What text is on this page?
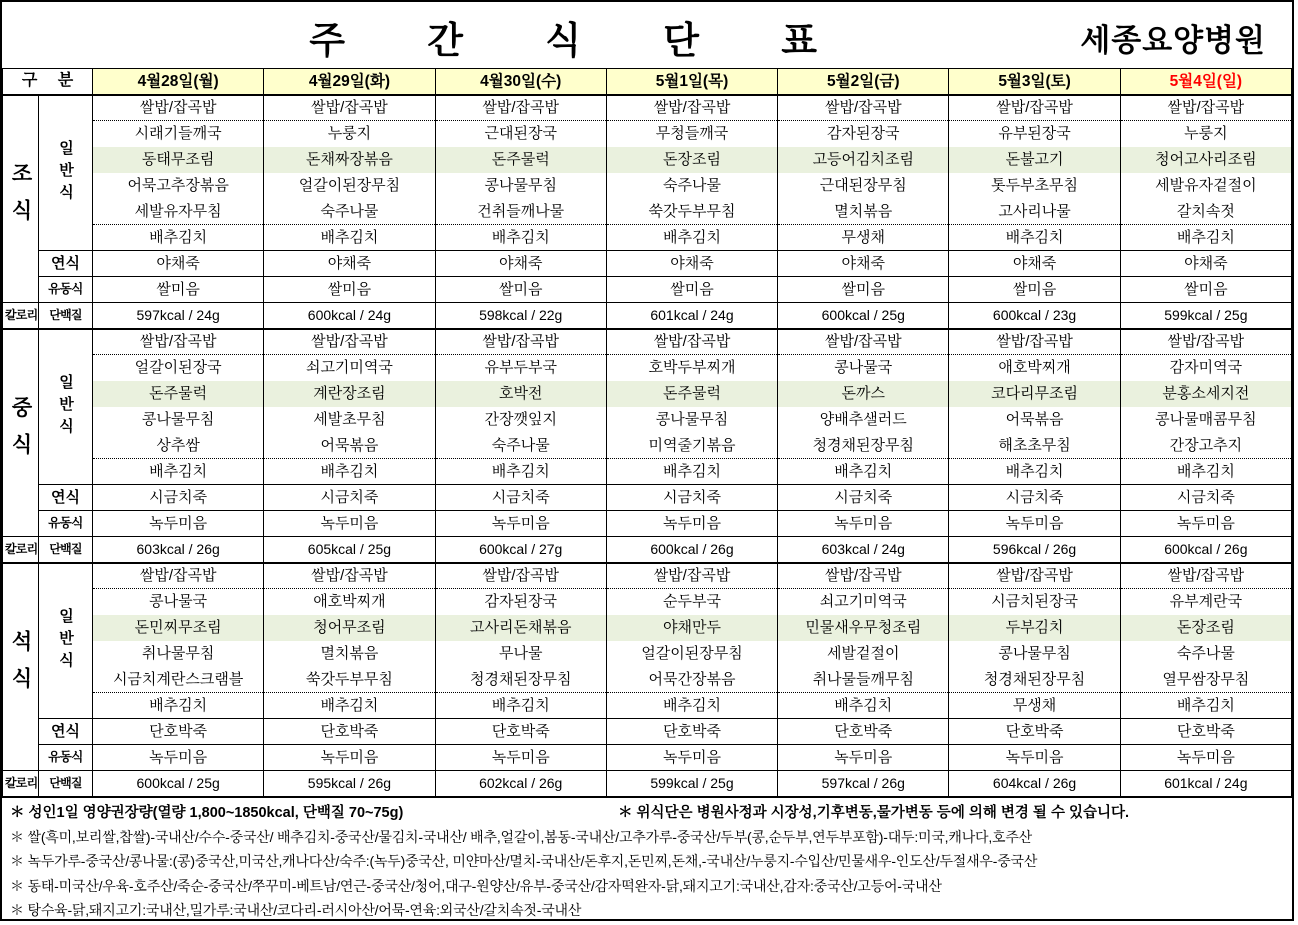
주 간 식 단 표	세종요양병원
구 분		4월28일(월)	4월29일(화)	4월30일(수)	5월1일(목)	5월2일(금)	5월3일(토)	5월4일(일)
조식	일반식	쌀밥/잡곡밥	쌀밥/잡곡밥	쌀밥/잡곡밥	쌀밥/잡곡밥	쌀밥/잡곡밥	쌀밥/잡곡밥	쌀밥/잡곡밥
		시래기들깨국	누룽지	근대된장국	무청들깨국	감자된장국	유부된장국	누룽지
		동태무조림	돈채짜장볶음	돈주물럭	돈장조림	고등어김치조림	돈불고기	청어고사리조림
		어묵고추장볶음	얼갈이된장무침	콩나물무침	숙주나물	근대된장무침	톳두부초무침	세발유자겉절이
		세발유자무침	숙주나물	건취들깨나물	쑥갓두부무침	멸치볶음	고사리나물	갈치속젓
		배추김치	배추김치	배추김치	배추김치	무생채	배추김치	배추김치
	연식	야채죽	야채죽	야채죽	야채죽	야채죽	야채죽	야채죽
	유동식	쌀미음	쌀미음	쌀미음	쌀미음	쌀미음	쌀미음	쌀미음
칼로리	단백질	597kcal / 24g	600kcal / 24g	598kcal / 22g	601kcal / 24g	600kcal / 25g	600kcal / 23g	599kcal / 25g
중식	일반식	쌀밥/잡곡밥	쌀밥/잡곡밥	쌀밥/잡곡밥	쌀밥/잡곡밥	쌀밥/잡곡밥	쌀밥/잡곡밥	쌀밥/잡곡밥
		얼갈이된장국	쇠고기미역국	유부두부국	호박두부찌개	콩나물국	애호박찌개	감자미역국
		돈주물럭	계란장조림	호박전	돈주물럭	돈까스	코다리무조림	분홍소세지전
		콩나물무침	세발초무침	간장깻잎지	콩나물무침	양배추샐러드	어묵볶음	콩나물매콤무침
		상추쌈	어묵볶음	숙주나물	미역줄기볶음	청경채된장무침	해초초무침	간장고추지
		배추김치	배추김치	배추김치	배추김치	배추김치	배추김치	배추김치
	연식	시금치죽	시금치죽	시금치죽	시금치죽	시금치죽	시금치죽	시금치죽
	유동식	녹두미음	녹두미음	녹두미음	녹두미음	녹두미음	녹두미음	녹두미음
칼로리	단백질	603kcal / 26g	605kcal / 25g	600kcal / 27g	600kcal / 26g	603kcal / 24g	596kcal / 26g	600kcal / 26g
석식	일반식	쌀밥/잡곡밥	쌀밥/잡곡밥	쌀밥/잡곡밥	쌀밥/잡곡밥	쌀밥/잡곡밥	쌀밥/잡곡밥	쌀밥/잡곡밥
		콩나물국	애호박찌개	감자된장국	순두부국	쇠고기미역국	시금치된장국	유부계란국
		돈민찌무조림	청어무조림	고사리돈채볶음	야채만두	민물새우무청조림	두부김치	돈장조림
		취나물무침	멸치볶음	무나물	얼갈이된장무침	세발겉절이	콩나물무침	숙주나물
		시금치계란스크램블	쑥갓두부무침	청경채된장무침	어묵간장볶음	취나물들깨무침	청경채된장무침	열무쌈장무침
		배추김치	배추김치	배추김치	배추김치	배추김치	무생채	배추김치
	연식	단호박죽	단호박죽	단호박죽	단호박죽	단호박죽	단호박죽	단호박죽
	유동식	녹두미음	녹두미음	녹두미음	녹두미음	녹두미음	녹두미음	녹두미음
칼로리	단백질	600kcal / 25g	595kcal / 26g	602kcal / 26g	599kcal / 25g	597kcal / 26g	604kcal / 26g	601kcal / 24g
＊ 성인1일 영양권장량(열량 1,800~1850kcal, 단백질 70~75g)	＊ 위식단은 병원사정과 시장성,기후변동,물가변동 등에 의해 변경 될 수 있습니다.
＊ 쌀(흑미,보리쌀,찹쌀)-국내산/수수-중국산/ 배추김치-중국산/물김치-국내산/ 배추,얼갈이,봄동-국내산/고추가루-중국산/두부(콩,순두부,연두부포함)-대두:미국,캐나다,호주산
＊ 녹두가루-중국산/콩나물:(콩)중국산,미국산,캐나다산/숙주:(녹두)중국산, 미얀마산/멸치-국내산/돈후지,돈민찌,돈채,-국내산/누룽지-수입산/민물새우-인도산/두절새우-중국산
＊ 동태-미국산/우육-호주산/죽순-중국산/쭈꾸미-베트남/연근-중국산/청어,대구-원양산/유부-중국산/감자떡완자-닭,돼지고기:국내산,감자:중국산/고등어-국내산
＊ 탕수육-닭,돼지고기:국내산,밀가루:국내산/코다리-러시아산/어묵-연육:외국산/갈치속젓-국내산
